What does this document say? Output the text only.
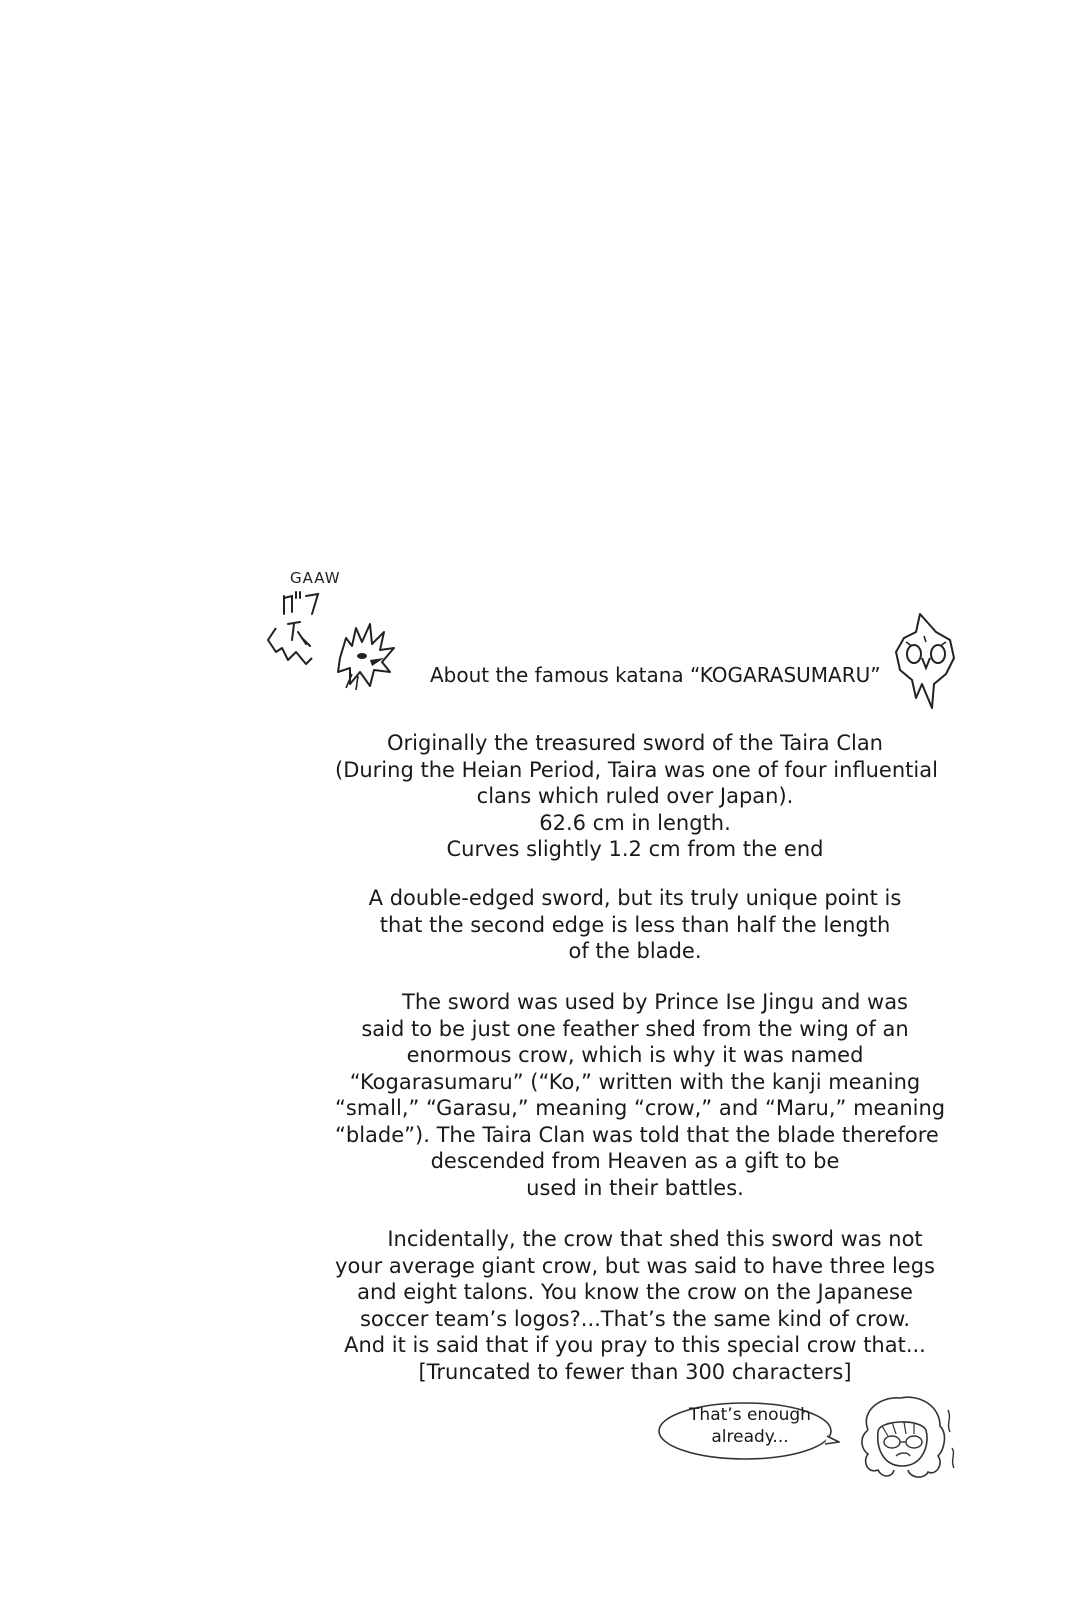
GAAW
About the famous katana “KOGARASUMARU”
Originally the treasured sword of the Taira Clan
(During the Heian Period, Taira was one of four influential
clans which ruled over Japan).
62.6 cm in length.
Curves slightly 1.2 cm from the end
A double-edged sword, but its truly unique point is
that the second edge is less than half the length
of the blade.
The sword was used by Prince Ise Jingu and was
said to be just one feather shed from the wing of an
enormous crow, which is why it was named
“Kogarasumaru” (“Ko,” written with the kanji meaning
“small,” “Garasu,” meaning “crow,” and “Maru,” meaning
“blade”). The Taira Clan was told that the blade therefore
descended from Heaven as a gift to be
used in their battles.
Incidentally, the crow that shed this sword was not
your average giant crow, but was said to have three legs
and eight talons. You know the crow on the Japanese
soccer team’s logos?...That’s the same kind of crow.
And it is said that if you pray to this special crow that...
[Truncated to fewer than 300 characters]
That’s enough
already...
